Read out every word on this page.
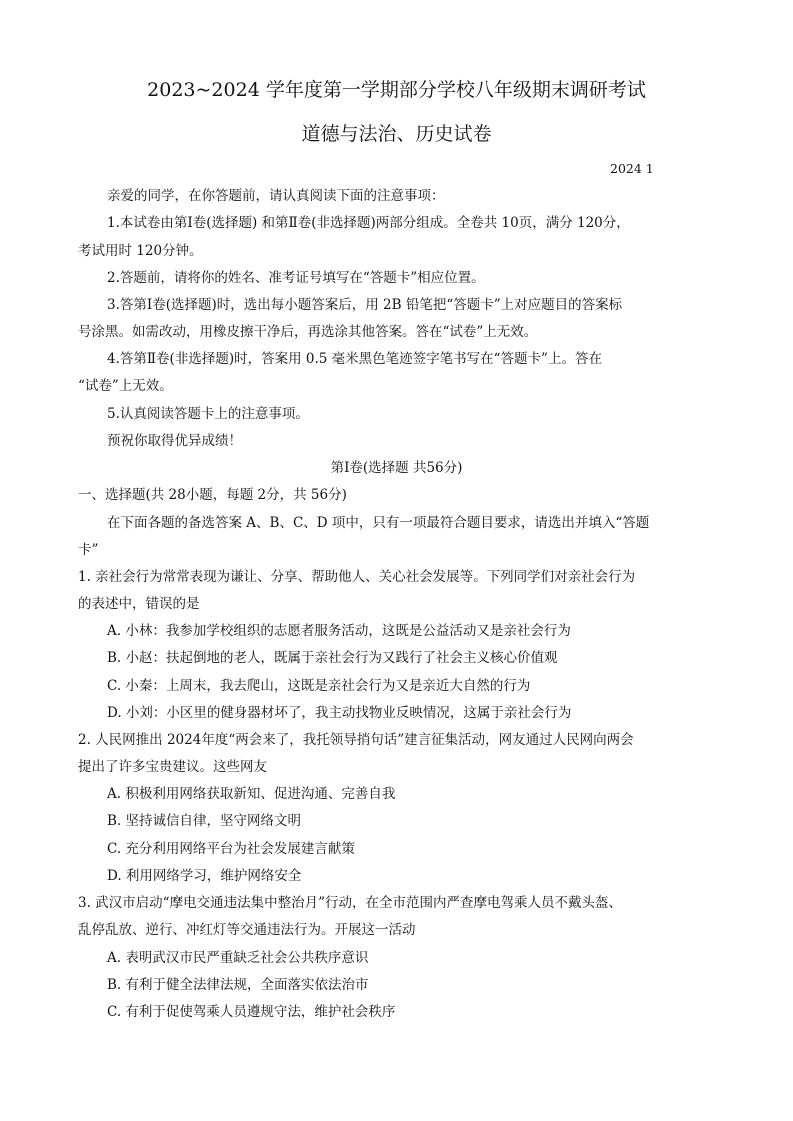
2023~2024 学年度第一学期部分学校八年级期末调研考试
道德与法治、历史试卷
2024 1
亲爱的同学，在你答题前，请认真阅读下面的注意事项：
1.本试卷由第Ⅰ卷(选择题) 和第Ⅱ卷(非选择题)两部分组成。全卷共 10页，满分 120分，
考试用时 120分钟。
2.答题前，请将你的姓名、准考证号填写在“答题卡”相应位置。
3.答第Ⅰ卷(选择题)时，选出每小题答案后，用 2B 铅笔把“答题卡”上对应题目的答案标
号涂黑。如需改动，用橡皮擦干净后，再选涂其他答案。答在“试卷”上无效。
4.答第Ⅱ卷(非选择题)时，答案用 0.5 毫米黑色笔迹签字笔书写在“答题卡”上。答在
“试卷”上无效。
5.认真阅读答题卡上的注意事项。
预祝你取得优异成绩！
第Ⅰ卷(选择题 共56分)
一、选择题(共 28小题，每题 2分，共 56分)
在下面各题的备选答案 A、B、C、D 项中，只有一项最符合题目要求，请选出并填入“答题
卡”
1. 亲社会行为常常表现为谦让、分享、帮助他人、关心社会发展等。下列同学们对亲社会行为
的表述中，错误的是
A. 小林：我参加学校组织的志愿者服务活动，这既是公益活动又是亲社会行为
B. 小赵：扶起倒地的老人，既属于亲社会行为又践行了社会主义核心价值观
C. 小秦：上周末，我去爬山，这既是亲社会行为又是亲近大自然的行为
D. 小刘：小区里的健身器材坏了，我主动找物业反映情况，这属于亲社会行为
2. 人民网推出 2024年度“两会来了，我托领导捎句话”建言征集活动，网友通过人民网向两会
提出了许多宝贵建议。这些网友
A. 积极利用网络获取新知、促进沟通、完善自我
B. 坚持诚信自律，坚守网络文明
C. 充分利用网络平台为社会发展建言献策
D. 利用网络学习，维护网络安全
3. 武汉市启动“摩电交通违法集中整治月”行动，在全市范围内严查摩电驾乘人员不戴头盔、
乱停乱放、逆行、冲红灯等交通违法行为。开展这一活动
A. 表明武汉市民严重缺乏社会公共秩序意识
B. 有利于健全法律法规，全面落实依法治市
C. 有利于促使驾乘人员遵规守法，维护社会秩序
